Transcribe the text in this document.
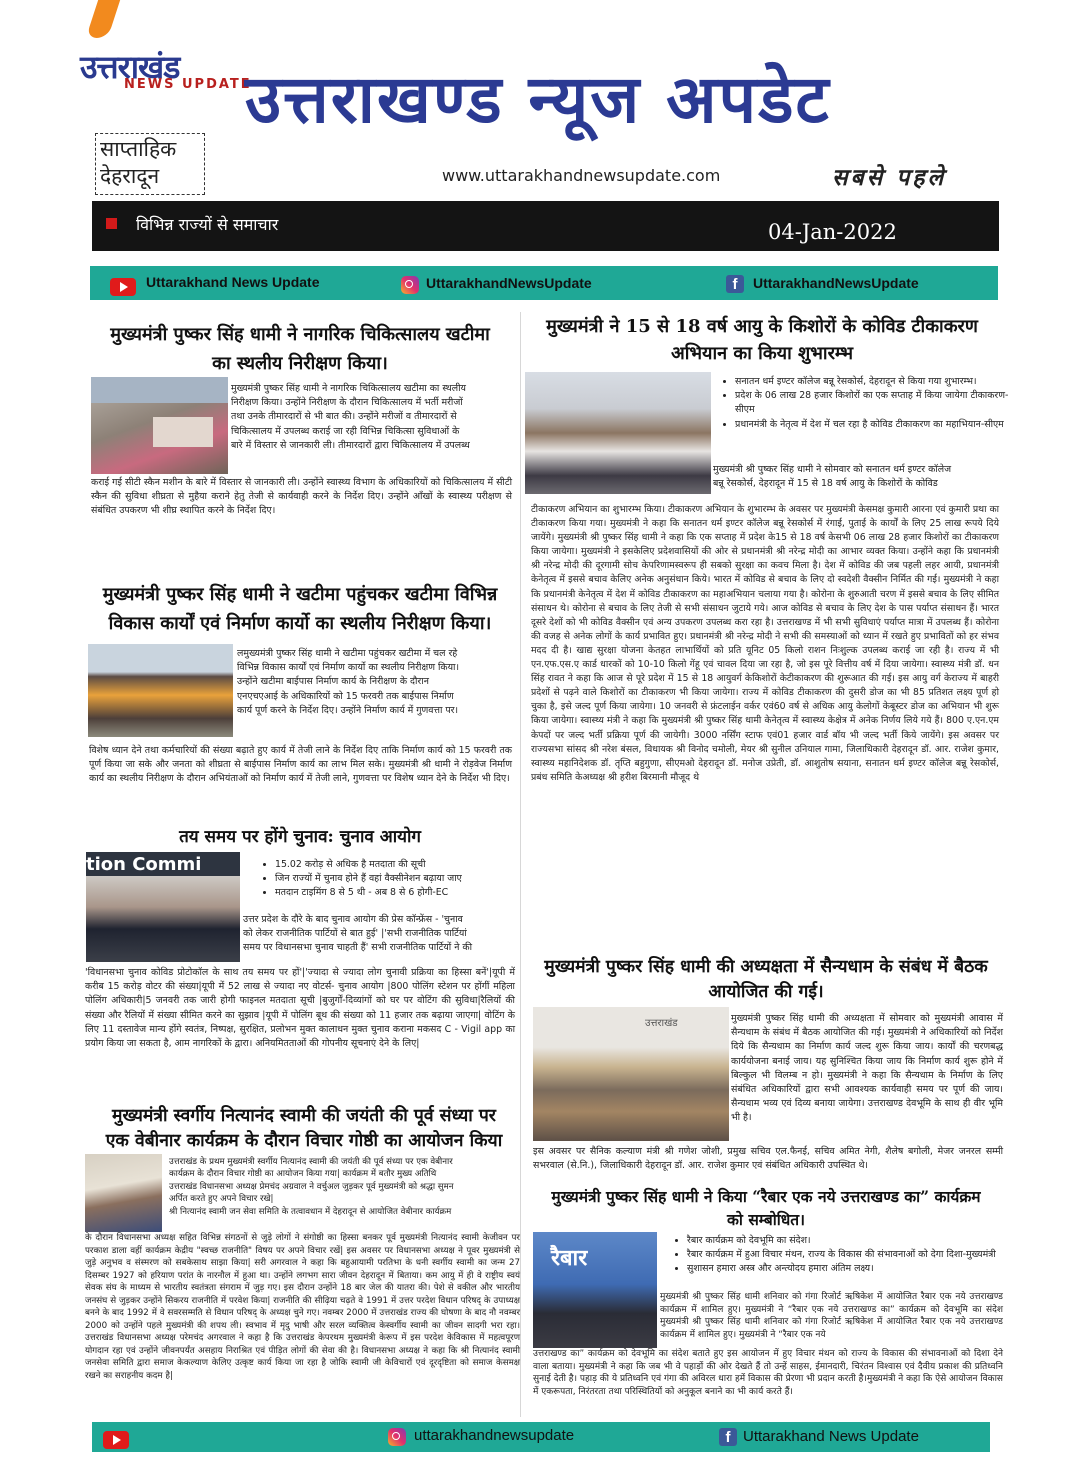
उत्तराखंड
NEWS UPDATE
उत्तराखण्ड न्यूज अपडेट
साप्ताहिक
देहरादून	www.uttarakhandnewsupdate.com	सबसे पहले
विभिन्न राज्यों से समाचार	04-Jan-2022
Uttarakhand News Update	UttarakhandNewsUpdate	f	UttarakhandNewsUpdate
मुख्यमंत्री पुष्कर सिंह धामी ने नागरिक चिकित्सालय खटीमा
का स्थलीय निरीक्षण किया।
मुख्यमंत्री पुष्कर सिंह धामी ने नागरिक चिकित्सालय खटीमा का स्थलीय
निरीक्षण किया। उन्होंने निरीक्षण के दौरान चिकित्सालय में भर्ती मरीजों
तथा उनके तीमारदारों से भी बात की। उन्होंने मरीजों व तीमारदारों से
चिकित्सालय में उपलब्ध कराई जा रही विभिन्न चिकित्सा सुविधाओं के
बारे में विस्तार से जानकारी ली। तीमारदारों द्वारा चिकित्सालय में उपलब्ध
कराई गई सीटी स्कैन मशीन के बारे में विस्तार से जानकारी ली। उन्होंने स्वास्थ्य विभाग के अधिकारियों को चिकित्सालय में सीटी स्कैन की सुविधा शीघ्रता से मुहैया कराने हेतु तेजी से कार्यवाही करने के निर्देश दिए। उन्होंने आँखों के स्वास्थ्य परीक्षण से संबंधित उपकरण भी शीघ्र स्थापित करने के निर्देश दिए।
मुख्यमंत्री पुष्कर सिंह धामी ने खटीमा पहुंचकर खटीमा विभिन्न
विकास कार्यों एवं निर्माण कार्यो का स्थलीय निरीक्षण किया।
लमुख्यमंत्री पुष्कर सिंह धामी ने खटीमा पहुंचकर खटीमा में चल रहे
विभिन्न विकास कार्यों एवं निर्माण कार्यो का स्थलीय निरीक्षण किया।
उन्होंने खटीमा बाईपास निर्माण कार्य के निरीक्षण के दौरान
एनएचएआई के अधिकारियों को 15 फरवरी तक बाईपास निर्माण
कार्य पूर्ण करने के निर्देश दिए। उन्होंने निर्माण कार्य में गुणवत्ता पर।
विशेष ध्यान देने तथा कर्मचारियों की संख्या बढ़ाते हुए कार्य में तेजी लाने के निर्देश दिए ताकि निर्माण कार्य को 15 फरवरी तक पूर्ण किया जा सके और जनता को शीघ्रता से बाईपास निर्माण कार्य का लाभ मिल सके। मुख्यमंत्री श्री धामी ने रोड़वेज निर्माण कार्य का स्थलीय निरीक्षण के दौरान अभियंताओं को निर्माण कार्य में तेजी लाने, गुणवत्ता पर विशेष ध्यान देने के निर्देश भी दिए।
तय समय पर होंगे चुनाव: चुनाव आयोग
tion Commi
•	15.02 करोड़ से अधिक है मतदाता की सूची
• जिन राज्यों में चुनाव होने हैं वहां वैक्सीनेशन बढ़ाया जाए
• मतदान टाइमिंग 8 से 5 थी - अब 8 से 6 होगी-EC
उत्तर प्रदेश के दौरे के बाद चुनाव आयोग की प्रेस कॉन्फ्रेंस - 'चुनाव
को लेकर राजनीतिक पार्टियों से बात हुई' |'सभी राजनीतिक पार्टियां
समय पर विधानसभा चुनाव चाहती हैं' सभी राजनीतिक पार्टियों ने की
'विधानसभा चुनाव कोविड प्रोटोकॉल के साथ तय समय पर हों'|'ज्यादा से ज्यादा लोग चुनावी प्रक्रिया का हिस्सा बनें'|यूपी में करीब 15 करोड़ वोटर की संख्या|यूपी में 52 लाख से ज्यादा नए वोटर्स- चुनाव आयोग |800 पोलिंग स्टेशन पर होंगीं महिला पोलिंग अधिकारी|5 जनवरी तक जारी होगी फाइनल मतदाता सूची |बुजुर्गों-दिव्यांगों को घर पर वोटिंग की सुविधा|रैलियों की संख्या और रैलियों में संख्या सीमित करने का सुझाव |यूपी में पोलिंग बूथ की संख्या को 11 हजार तक बढ़ाया जाएगा| वोटिंग के लिए 11 दस्तावेज मान्य होंगे स्वतंत्र, निष्पक्ष, सुरक्षित, प्रलोभन मुक्त कालाधन मुक्त चुनाव कराना मकसद C - Vigil app का प्रयोग किया जा सकता है, आम नागरिकों के द्वारा। अनियमितताओं की गोपनीय सूचनाएं देने के लिए|
मुख्यमंत्री स्वर्गीय नित्यानंद स्वामी की जयंती की पूर्व संध्या पर
एक वेबीनार कार्यक्रम के दौरान विचार गोष्ठी का आयोजन किया
उत्तराखंड के प्रथम मुख्यमंत्री स्वर्गीय नित्यानंद स्वामी की जयंती की पूर्व संध्या पर एक वेबीनार
कार्यक्रम के दौरान विचार गोष्ठी का आयोजन किया गया| कार्यक्रम में बतौर मुख्य अतिथि
उत्तराखंड विधानसभा अध्यक्ष प्रेमचंद अग्रवाल ने वर्चुअल जुड़कर पूर्व मुख्यमंत्री को श्रद्धा सुमन
अर्पित करते हुए अपने विचार रखे|
श्री नित्यानंद स्वामी जन सेवा समिति के तत्वावधान में देहरादून से आयोजित वेबीनार कार्यक्रम
के दौरान विधानसभा अध्यक्ष सहित विभिन्न संगठनों से जुड़े लोगों ने संगोष्ठी का हिस्सा बनकर पूर्व मुख्यमंत्री नित्यानंद स्वामी केजीवन पर परकाश डाला वहीं कार्यक्रम केद्रीय "स्वच्छ राजनीति" विषय पर अपने विचार रखें| इस अवसर पर विधानसभा अध्यक्ष ने पूवर मुख्यमंत्री से जुड़े अनुभव व संस्मरण को सबकेसाथ साझा किया| सरी अगरवाल ने कहा कि बहुआयामी परतिभा के धनी स्वर्गीय स्वामी का जन्म 27 दिसम्बर 1927 को हरियाण परांत के नारनौल में हुआ था। उन्होंने लगभग सारा जीवन देहरादून में बिताया। कम आयु में ही वे राष्ट्रीय स्वयं सेवक संघ के माध्यम से भारतीय स्वतंत्रता संगराम में जुड़ गए। इस दौरान उन्होंने 18 बार जेल की यातरा की। पेशे से वकील और भारतीय जनसंघ से जुड़कर उन्होंने सिकरय राजनीति में परवेश किया| राजनीति की सीढ़िया चढ़ते वे 1991 में उत्तर परदेश विधान परिषद् के उपाध्यक्ष बनने के बाद 1992 में वे सवरसम्मति से विधान परिषद् के अध्यक्ष चुने गए। नवम्बर 2000 में उत्तराखंड राज्य की घोषणा के बाद नौ नवम्बर 2000 को उन्होंने पहले मुख्यमंत्री की शपथ ली। स्वभाव में मृदु भाषी और सरल व्यक्तित्व केस्वर्गीय स्वामी का जीवन सादगी भरा रहा। उत्तराखंड विधानसभा अध्यक्ष परेमचंद अगरवाल ने कहा है कि उत्तराखंड केपरथम मुख्यमंत्री केरूप में इस परदेश केविकास में महत्वपूरण योगदान रहा एवं उन्होंने जीवनपर्यंत असहाय निराश्रित एवं पीड़ित लोगों की सेवा की है। विधानसभा अध्यक्ष ने कहा कि श्री नित्यानंद स्वामी जनसेवा समिति द्वारा समाज केकल्याण केलिए उत्कृष्ट कार्य किया जा रहा है जोकि स्वामी जी केविचारों एवं दूरदृष्टिता को समाज केसमक्ष रखने का सराहनीय कदम है|
मुख्यमंत्री ने 15 से 18 वर्ष आयु के किशोरों के कोविड टीकाकरण
अभियान का किया शुभारम्भ
• सनातन धर्म इण्टर कॉलेज बन्नू रेसकोर्स, देहरादून से किया गया शुभारम्भ।
• प्रदेश के 06 लाख 28 हजार किशोरों का एक सप्ताह में किया जायेगा टीकाकरण-सीएम
• प्रधानमंत्री के नेतृत्व में देश में चल रहा है कोविड टीकाकरण का महाभियान-सीएम
मुख्यमंत्री श्री पुष्कर सिंह धामी ने सोमवार को सनातन धर्म इण्टर कॉलेज
बन्नू रेसकोर्स, देहरादून में 15 से 18 वर्ष आयु के किशोरों के कोविड
टीकाकरण अभियान का शुभारम्भ किया। टीकाकरण अभियान के शुभारम्भ के अवसर पर मुख्यमंत्री केसमक्ष कुमारी आरना एवं कुमारी प्रथा का टीकाकरण किया गया। मुख्यमंत्री ने कहा कि सनातन धर्म इण्टर कॉलेज बन्नू रेसकोर्स में रंगाई, पुताई के कार्यों के लिए 25 लाख रूपये दिये जायेंगे। मुख्यमंत्री श्री पुष्कर सिंह धामी ने कहा कि एक सप्ताह में प्रदेश के15 से 18 वर्ष केसभी 06 लाख 28 हजार किशोरों का टीकाकरण किया जायेगा। मुख्यमंत्री ने इसकेलिए प्रदेशवासियों की ओर से प्रधानमंत्री श्री नरेन्द्र मोदी का आभार व्यक्त किया। उन्होंने कहा कि प्रधानमंत्री श्री नरेन्द्र मोदी की दूरगामी सोच केपरिणामस्वरूप ही सबको सुरक्षा का कवच मिला है। देश में कोविड की जब पहली लहर आयी, प्रधानमंत्री केनेतृत्व में इससे बचाव केलिए अनेक अनुसंधान किये। भारत में कोविड से बचाव के लिए दो स्वदेशी वैक्सीन निर्मित की गई। मुख्यमंत्री ने कहा कि प्रधानमंत्री केनेतृत्व में देश में कोविड टीकाकरण का महाअभियान चलाया गया है। कोरोना के शुरुआती चरण में इससे बचाव के लिए सीमित संसाधन थे। कोरोना से बचाव के लिए तेजी से सभी संसाधन जुटाये गये। आज कोविड से बचाव के लिए देश के पास पर्याप्त संसाधन हैं। भारत दूसरे देशों को भी कोविड वैक्सीन एवं अन्य उपकरण उपलब्ध करा रहा है। उत्तराखण्ड में भी सभी सुविधाएं पर्याप्त मात्रा में उपलब्ध हैं। कोरोना की वजह से अनेक लोगों के कार्य प्रभावित हुए। प्रधानमंत्री श्री नरेन्द्र मोदी ने सभी की समस्याओं को ध्यान में रखते हुए प्रभावितों को हर संभव मदद दी है। खाद्य सुरक्षा योजना केतहत लाभार्थियों को प्रति यूनिट 05 किलो राशन निःशुल्क उपलब्ध कराई जा रही है। राज्य में भी एन.एफ.एस.ए कार्ड धारकों को 10-10 किलो गेंहू एवं चावल दिया जा रहा है, जो इस पूरे वित्तीय वर्ष में दिया जायेगा। स्वास्थ्य मंत्री डॉ. धन सिंह रावत ने कहा कि आज से पूरे प्रदेश में 15 से 18 आयुवर्ग केकिशोरों केटीकाकरण की शुरूआत की गई। इस आयु वर्ग केराज्य में बाहरी प्रदेशों से पढ़ने वाले किशोरों का टीकाकरण भी किया जायेगा। राज्य में कोविड टीकाकरण की दुसरी डोज का भी 85 प्रतिशत लक्ष्य पूर्ण हो चुका है, इसे जल्द पूर्ण किया जायेगा। 10 जनवरी से फ्रंटलाईन वर्कर एवं60 वर्ष से अधिक आयु केलोगों केबूस्टर डोज का अभियान भी शुरू किया जायेगा। स्वास्थ्य मंत्री ने कहा कि मुख्यमंत्री श्री पुष्कर सिंह धामी केनेतृत्व में स्वास्थ्य केक्षेत्र में अनेक निर्णय लिये गये हैं। 800 ए.एन.एम केपदों पर जल्द भर्ती प्रक्रिया पूर्ण की जायेगी। 3000 नर्सिंग स्टाफ एवं01 हजार वार्ड बॉय भी जल्द भर्ती किये जायेंगे। इस अवसर पर राज्यसभा सांसद श्री नरेश बंसल, विधायक श्री विनोद चमोली, मेयर श्री सुनील उनियाल गामा, जिलाधिकारी देहरादून डॉ. आर. राजेश कुमार, स्वास्थ्य महानिदेशक डॉ. तृप्ति बहुगुणा, सीएमओ देहरादून डॉ. मनोज उप्रेती, डॉ. आशुतोष सयाना, सनातन धर्म इण्टर कॉलेज बन्नू रेसकोर्स, प्रबंध समिति केअध्यक्ष श्री हरीश बिरमानी मौजूद थे
मुख्यमंत्री पुष्कर सिंह धामी की अध्यक्षता में सैन्यधाम के संबंध में बैठक
आयोजित की गई।
उत्तराखंड	मुख्यमंत्री पुष्कर सिंह धामी की अध्यक्षता में सोमवार को मुख्यमंत्री आवास में सैन्यधाम के संबंध में बैठक आयोजित की गई। मुख्यमंत्री ने अधिकारियों को निर्देश दिये कि सैन्यधाम का निर्माण कार्य जल्द शुरू किया जाय। कार्यों की चरणबद्ध कार्ययोजना बनाई जाय। यह सुनिश्चित किया जाय कि निर्माण कार्य शुरू होने में बिल्कुल भी विलम्ब न हो। मुख्यमंत्री ने कहा कि सैन्यधाम के निर्माण के लिए संबंधित अधिकारियों द्वारा सभी आवश्यक कार्यवाही समय पर पूर्ण की जाय। सैन्यधाम भव्य एवं दिव्य बनाया जायेगा। उत्तराखण्ड देवभूमि के साथ ही वीर भूमि भी है।
इस अवसर पर सैनिक कल्याण मंत्री श्री गणेश जोशी, प्रमुख सचिव एल.फैनई, सचिव अमित नेगी, शैलेष बगोली, मेजर जनरल सम्मी सभरवाल (से.नि.), जिलाधिकारी देहरादून डॉ. आर. राजेश कुमार एवं संबंधित अधिकारी उपस्थित थे।
मुख्यमंत्री पुष्कर सिंह धामी ने किया “रैबार एक नये उत्तराखण्ड का” कार्यक्रम
को सम्बोधित।
रैबार
• रैबार कार्यक्रम को देवभूमि का संदेश।
• रैबार कार्यक्रम में हुआ विचार मंथन, राज्य के विकास की संभावनाओं को देगा दिशा-मुख्यमंत्री
• सुशासन हमारा अस्त्र और अन्त्योदय हमारा अंतिम लक्ष्य।
मुख्यमंत्री श्री पुष्कर सिंह धामी शनिवार को गंगा रिजोर्ट ऋषिकेश में आयोजित रैबार एक नये उत्तराखण्ड कार्यक्रम में शामिल हुए। मुख्यमंत्री ने “रैबार एक नये उत्तराखण्ड का” कार्यक्रम को देवभूमि का संदेश मुख्यमंत्री श्री पुष्कर सिंह धामी शनिवार को गंगा रिजोर्ट ऋषिकेश में आयोजित रैबार एक नये उत्तराखण्ड कार्यक्रम में शामिल हुए। मुख्यमंत्री ने “रैबार एक नये
उत्तराखण्ड का” कार्यक्रम को देवभूमि का संदेश बताते हुए इस आयोजन में हुए विचार मंथन को राज्य के विकास की संभावनाओं को दिशा देने वाला बताया। मुख्यमंत्री ने कहा कि जब भी वे पहाड़ों की ओर देखते हैं तो उन्हें साहस, ईमानदारी, चिरंतन विश्वास एवं दैवीय प्रकाश की प्रतिध्वनि सुनाई देती है। पहाड़ की ये प्रतिध्वनि एवं गंगा की अविरल धारा हमें विकास की प्रेरणा भी प्रदान करती है।मुख्यमंत्री ने कहा कि ऐसे आयोजन विकास में एकरूपता, निरंतरता तथा परिस्थितियों को अनुकूल बनाने का भी कार्य करते हैं।
uttarakhandnewsupdate	f Uttarakhand News Update
